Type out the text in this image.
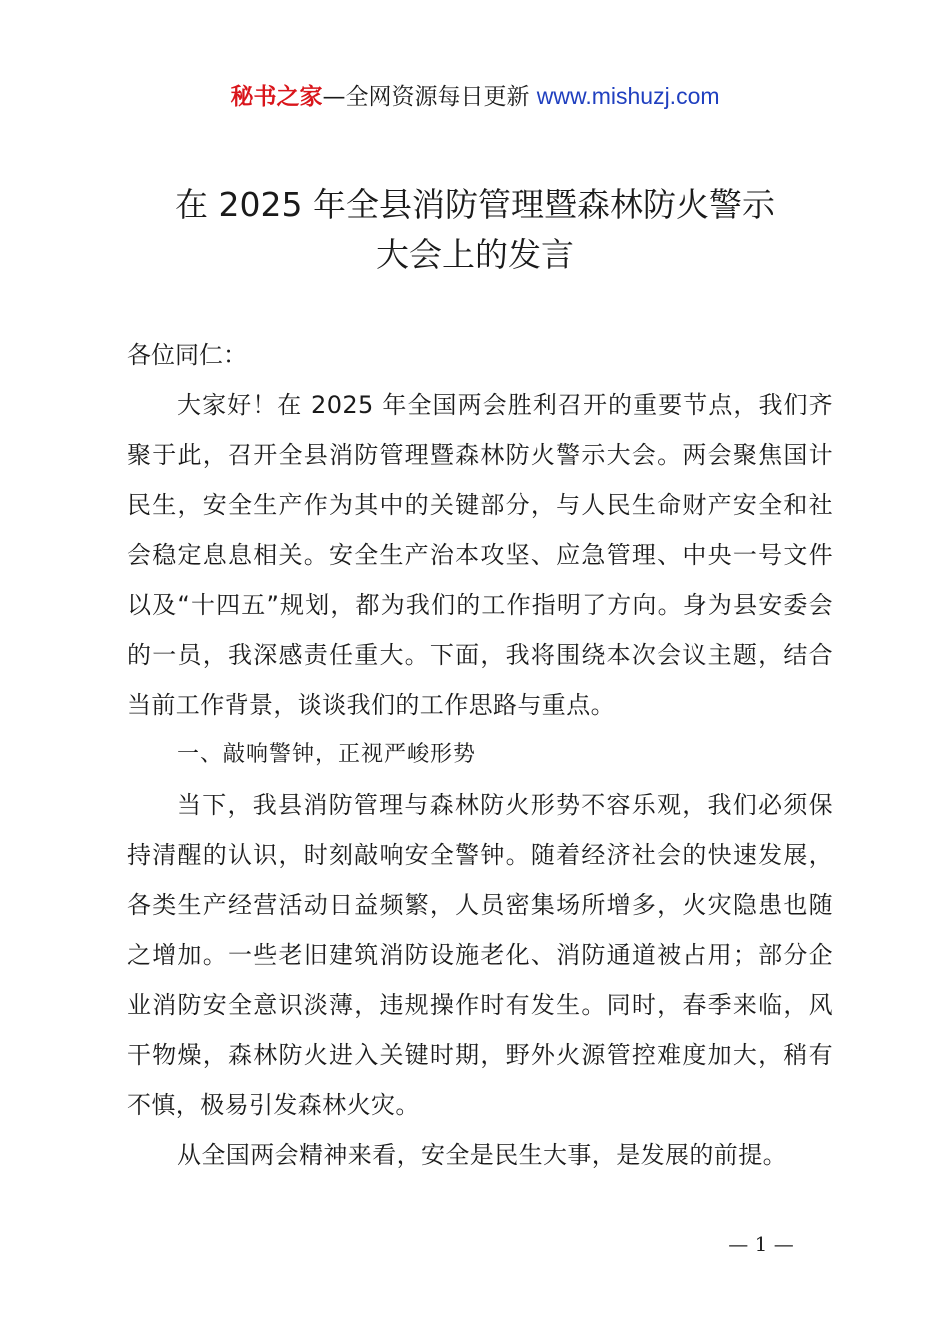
秘书之家—全网资源每日更新 www.mishuzj.com
在 2025 年全县消防管理暨森林防火警示
大会上的发言

各位同仁：

大家好！在 2025 年全国两会胜利召开的重要节点，我们齐聚于此，召开全县消防管理暨森林防火警示大会。两会聚焦国计民生，安全生产作为其中的关键部分，与人民生命财产安全和社会稳定息息相关。安全生产治本攻坚、应急管理、中央一号文件以及“十四五”规划，都为我们的工作指明了方向。身为县安委会的一员，我深感责任重大。下面，我将围绕本次会议主题，结合当前工作背景，谈谈我们的工作思路与重点。

一、敲响警钟，正视严峻形势

当下，我县消防管理与森林防火形势不容乐观，我们必须保持清醒的认识，时刻敲响安全警钟。随着经济社会的快速发展，各类生产经营活动日益频繁，人员密集场所增多，火灾隐患也随之增加。一些老旧建筑消防设施老化、消防通道被占用；部分企业消防安全意识淡薄，违规操作时有发生。同时，春季来临，风干物燥，森林防火进入关键时期，野外火源管控难度加大，稍有不慎，极易引发森林火灾。

从全国两会精神来看，安全是民生大事，是发展的前提。

— 1 —
